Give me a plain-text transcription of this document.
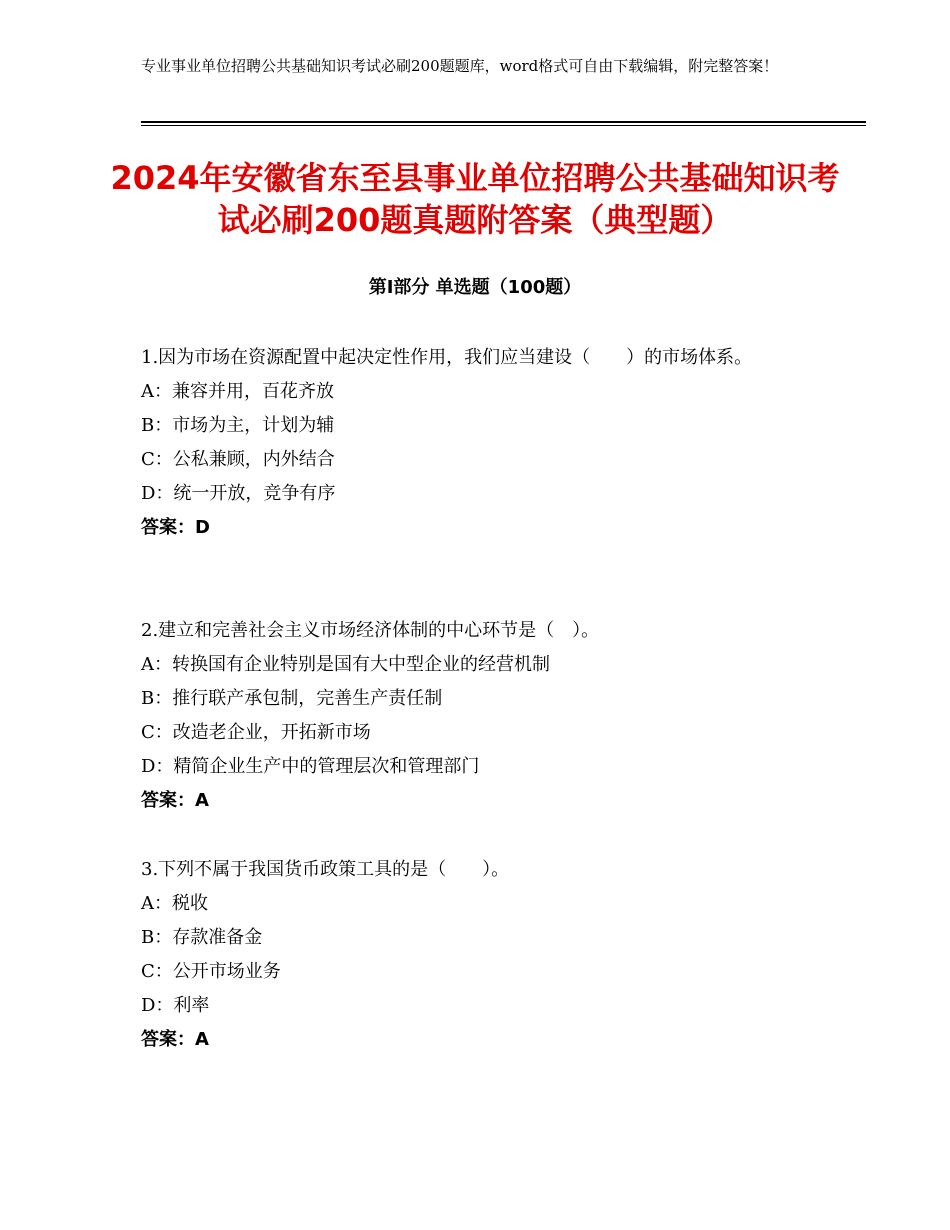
专业事业单位招聘公共基础知识考试必刷200题题库，word格式可自由下载编辑，附完整答案！
2024年安徽省东至县事业单位招聘公共基础知识考试必刷200题真题附答案（典型题）
第Ⅰ部分 单选题（100题）
1.因为市场在资源配置中起决定性作用，我们应当建设（　　）的市场体系。
A：兼容并用，百花齐放
B：市场为主，计划为辅
C：公私兼顾，内外结合
D：统一开放，竞争有序
答案：D
2.建立和完善社会主义市场经济体制的中心环节是（　）。
A：转换国有企业特别是国有大中型企业的经营机制
B：推行联产承包制，完善生产责任制
C：改造老企业，开拓新市场
D：精简企业生产中的管理层次和管理部门
答案：A
3.下列不属于我国货币政策工具的是（　　）。
A：税收
B：存款准备金
C：公开市场业务
D：利率
答案：A
